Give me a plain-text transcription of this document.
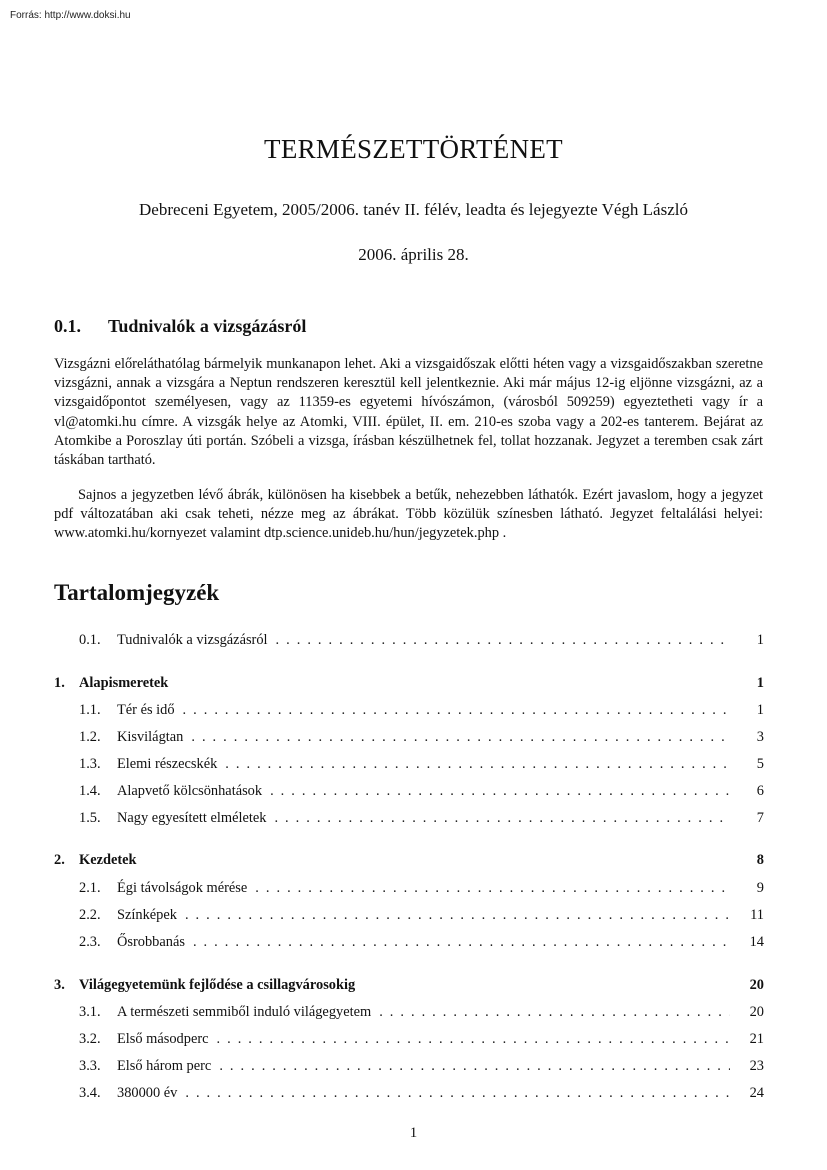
Forrás: http://www.doksi.hu
TERMÉSZETTÖRTÉNET
Debreceni Egyetem, 2005/2006. tanév II. félév, leadta és lejegyezte Végh László
2006. április 28.
0.1. Tudnivalók a vizsgázásról

Vizsgázni előreláthatólag bármelyik munkanapon lehet. Aki a vizsgaidőszak előtti héten vagy a vizsgaidőszakban szeretne vizsgázni, annak a vizsgára a Neptun rendszeren keresztül kell jelentkeznie. Aki már május 12-ig eljönne vizsgázni, az a vizsgaidőpontot személyesen, vagy az 11359-es egyetemi hívószámon, (városból 509259) egyeztetheti vagy ír a vl@atomki.hu címre. A vizsgák helye az Atomki, VIII. épület, II. em. 210-es szoba vagy a 202-es tanterem. Bejárat az Atomkibe a Poroszlay úti portán. Szóbeli a vizsga, írásban készülhetnek fel, tollat hozzanak. Jegyzet a teremben csak zárt táskában tartható.

Sajnos a jegyzetben lévő ábrák, különösen ha kisebbek a betűk, nehezebben láthatók. Ezért javaslom, hogy a jegyzet pdf változatában aki csak teheti, nézze meg az ábrákat. Több közülük színesben látható. Jegyzet feltalálási helyei: www.atomki.hu/kornyezet valamint dtp.science.unideb.hu/hun/jegyzetek.php .

Tartalomjegyzék
0.1.	Tudnivalók a vizsgázásról . . .	1
1. Alapismeretek	1
1.1.	Tér és idő . . .	1
1.2.	Kisvilágtan . . .	3
1.3.	Elemi részecskék . . .	5
1.4.	Alapvető kölcsönhatások . . .	6
1.5.	Nagy egyesített elméletek . . .	7
2. Kezdetek	8
2.1.	Égi távolságok mérése . . .	9
2.2.	Színképek . . .	11
2.3.	Ősrobbanás . . .	14
3. Világegyetemünk fejlődése a csillagvárosokig	20
3.1.	A természeti semmiből induló világegyetem . . .	20
3.2.	Első másodperc . . .	21
3.3.	Első három perc . . .	23
3.4.	380000 év . . .	24
1
